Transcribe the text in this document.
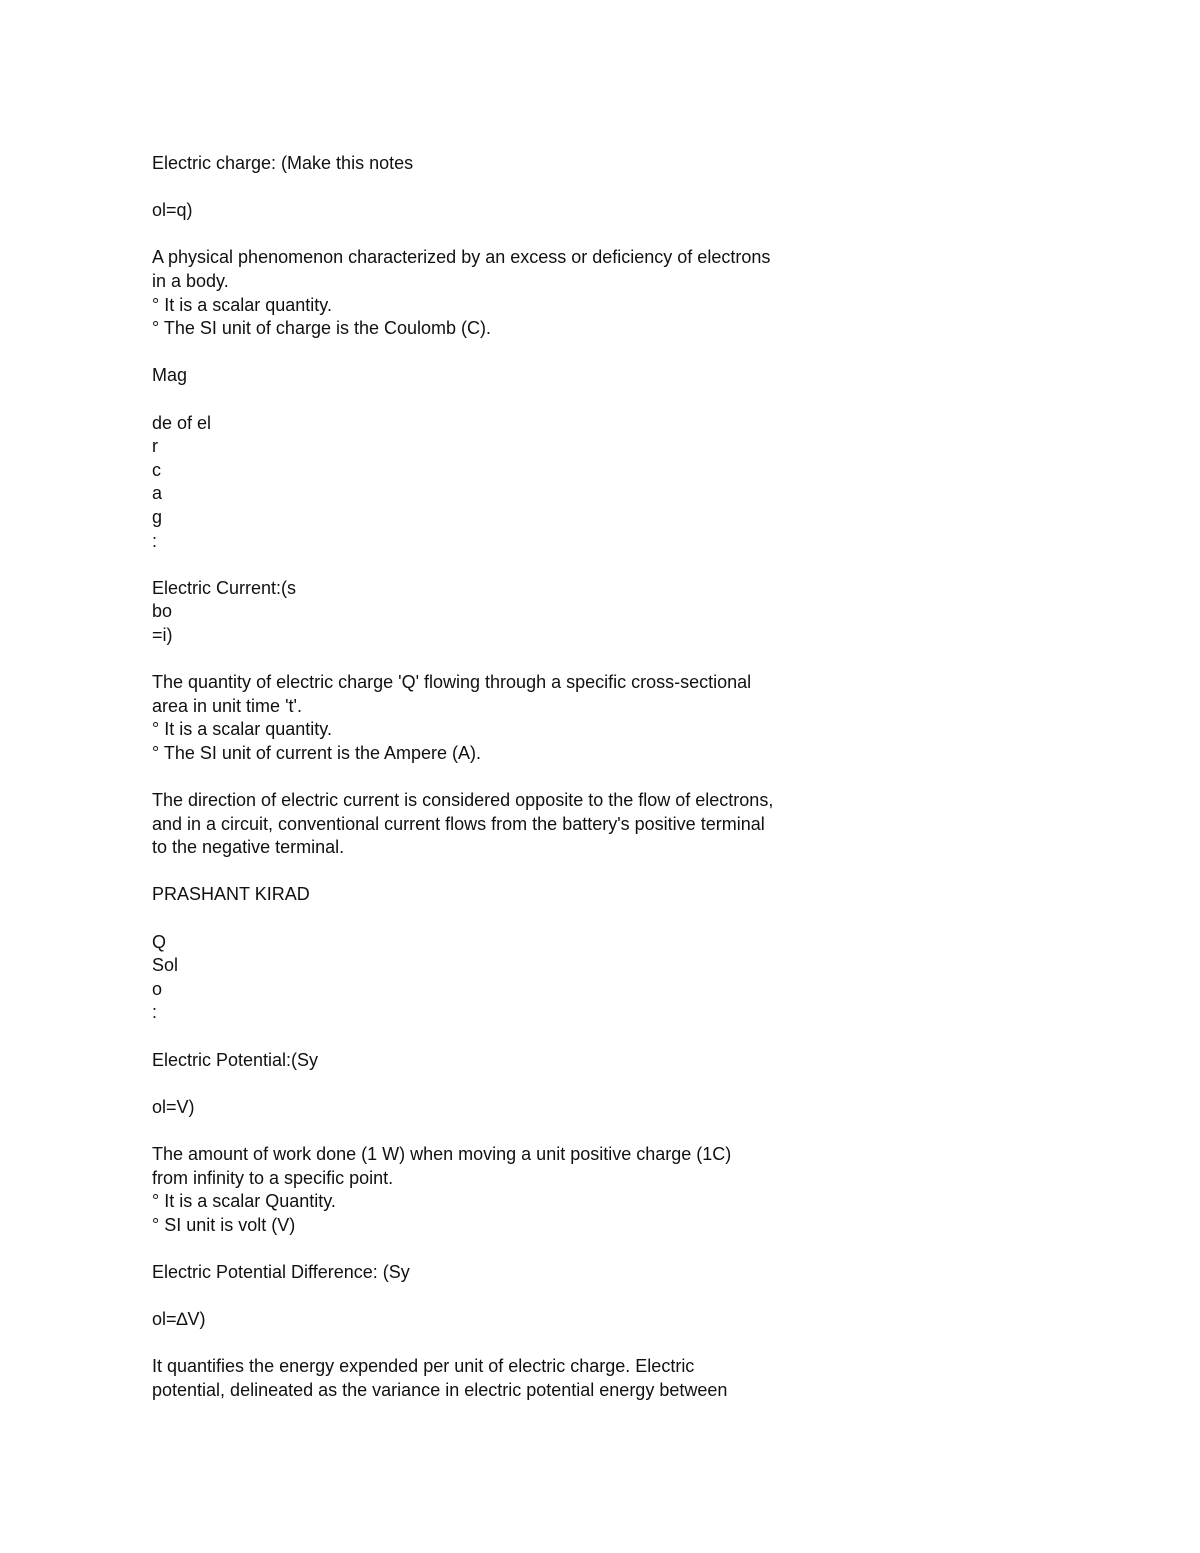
Electric charge: (Make this notes
ol=q)
A physical phenomenon characterized by an excess or deficiency of electrons
in a body.
° It is a scalar quantity.
° The SI unit of charge is the Coulomb (C).
Mag
de of el
r
c
a
g
:
Electric Current:(s
bo
=i)
The quantity of electric charge 'Q' flowing through a specific cross-sectional
area in unit time 't'.
° It is a scalar quantity.
° The SI unit of current is the Ampere (A).
The direction of electric current is considered opposite to the flow of electrons,
and in a circuit, conventional current flows from the battery's positive terminal
to the negative terminal.
PRASHANT KIRAD
Q
Sol
o
:
Electric Potential:(Sy
ol=V)
The amount of work done (1 W) when moving a unit positive charge (1C)
from infinity to a specific point.
° It is a scalar Quantity.
° SI unit is volt (V)
Electric Potential Difference: (Sy
ol=∆V)
It quantifies the energy expended per unit of electric charge. Electric
potential, delineated as the variance in electric potential energy between
